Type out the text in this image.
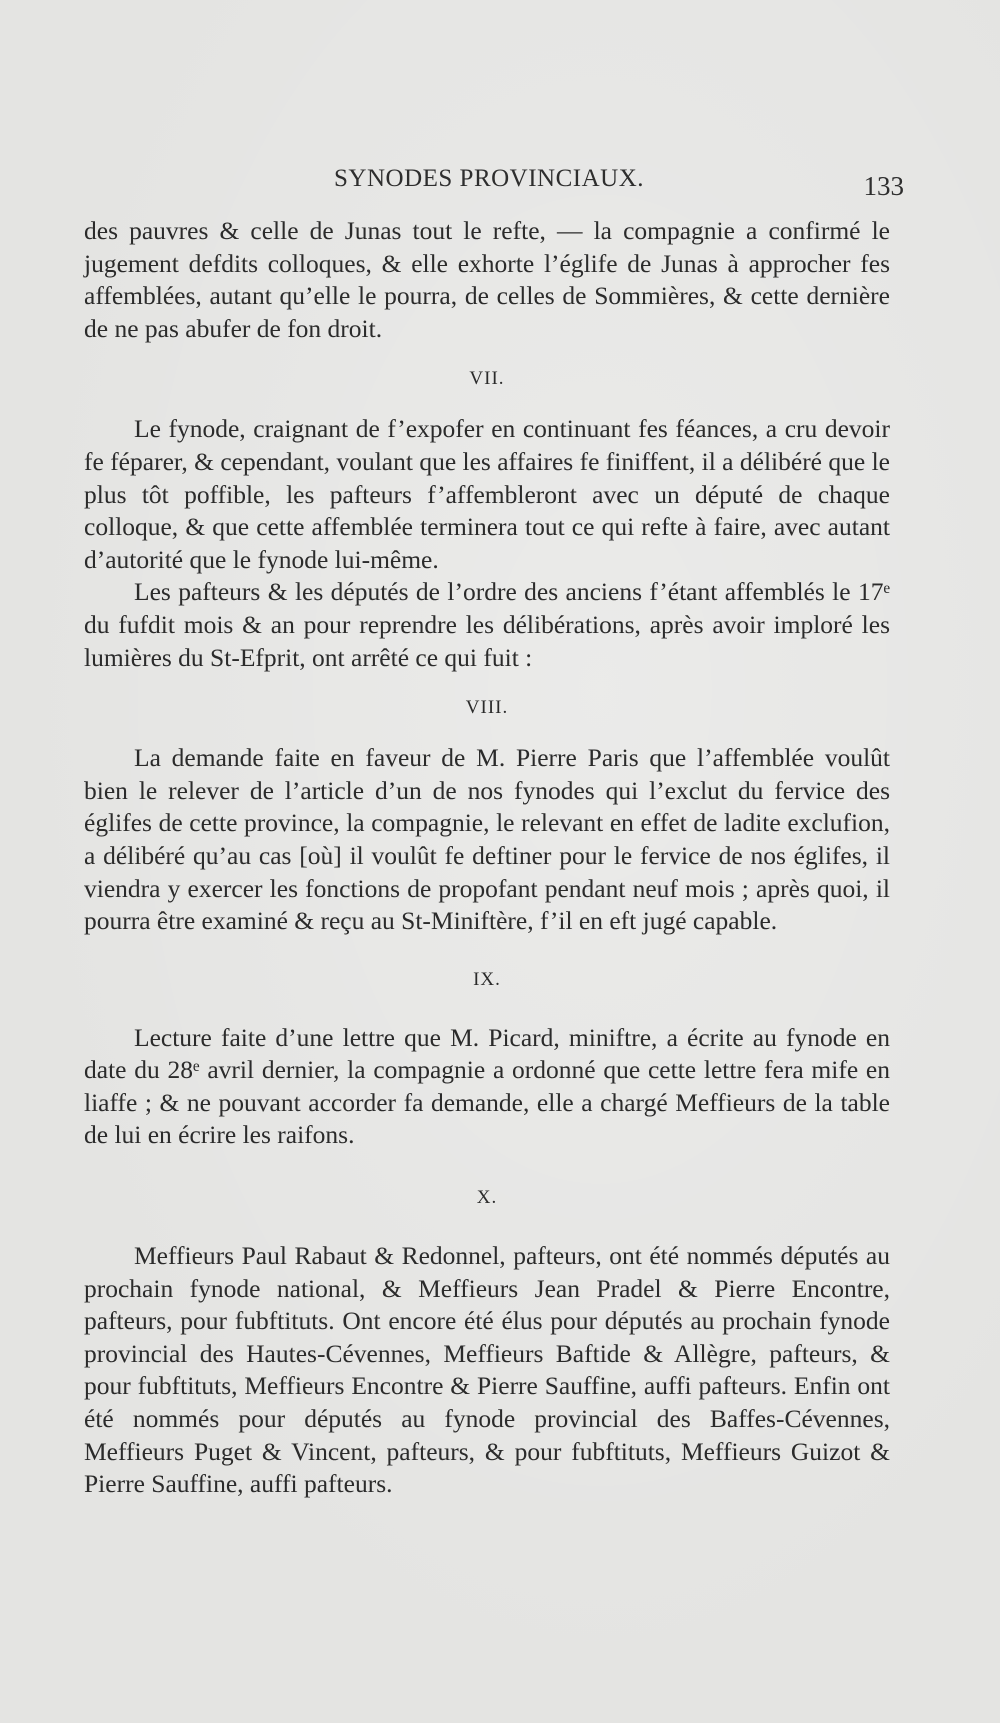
SYNODES PROVINCIAUX.	133

des pauvres & celle de Junas tout le refte, — la compagnie a confirmé le jugement defdits colloques, & elle exhorte l’églife de Junas à approcher fes affemblées, autant qu’elle le pourra, de celles de Sommières, & cette dernière de ne pas abufer de fon droit.

VII.

Le fynode, craignant de f’expofer en continuant fes féances, a cru devoir fe féparer, & cependant, voulant que les affaires fe finiffent, il a délibéré que le plus tôt poffible, les pafteurs f’affembleront avec un député de chaque colloque, & que cette affemblée terminera tout ce qui refte à faire, avec autant d’autorité que le fynode lui-même.

Les pafteurs & les députés de l’ordre des anciens f’étant affemblés le 17ᵉ du fufdit mois & an pour reprendre les délibérations, après avoir imploré les lumières du St-Efprit, ont arrêté ce qui fuit :

VIII.

La demande faite en faveur de M. Pierre Paris que l’affemblée voulût bien le relever de l’article d’un de nos fynodes qui l’exclut du fervice des églifes de cette province, la compagnie, le relevant en effet de ladite exclufion, a délibéré qu’au cas [où] il voulût fe deftiner pour le fervice de nos églifes, il viendra y exercer les fonctions de propofant pendant neuf mois ; après quoi, il pourra être examiné & reçu au St-Miniftère, f’il en eft jugé capable.

IX.

Lecture faite d’une lettre que M. Picard, miniftre, a écrite au fynode en date du 28ᵉ avril dernier, la compagnie a ordonné que cette lettre fera mife en liaffe ; & ne pouvant accorder fa demande, elle a chargé Meffieurs de la table de lui en écrire les raifons.

X.

Meffieurs Paul Rabaut & Redonnel, pafteurs, ont été nommés députés au prochain fynode national, & Meffieurs Jean Pradel & Pierre Encontre, pafteurs, pour fubftituts. Ont encore été élus pour députés au prochain fynode provincial des Hautes-Cévennes, Meffieurs Baftide & Allègre, pafteurs, & pour fubftituts, Meffieurs Encontre & Pierre Sauffine, auffi pafteurs. Enfin ont été nommés pour députés au fynode provincial des Baffes-Cévennes, Meffieurs Puget & Vincent, pafteurs, & pour fubftituts, Meffieurs Guizot & Pierre Sauffine, auffi pafteurs.
